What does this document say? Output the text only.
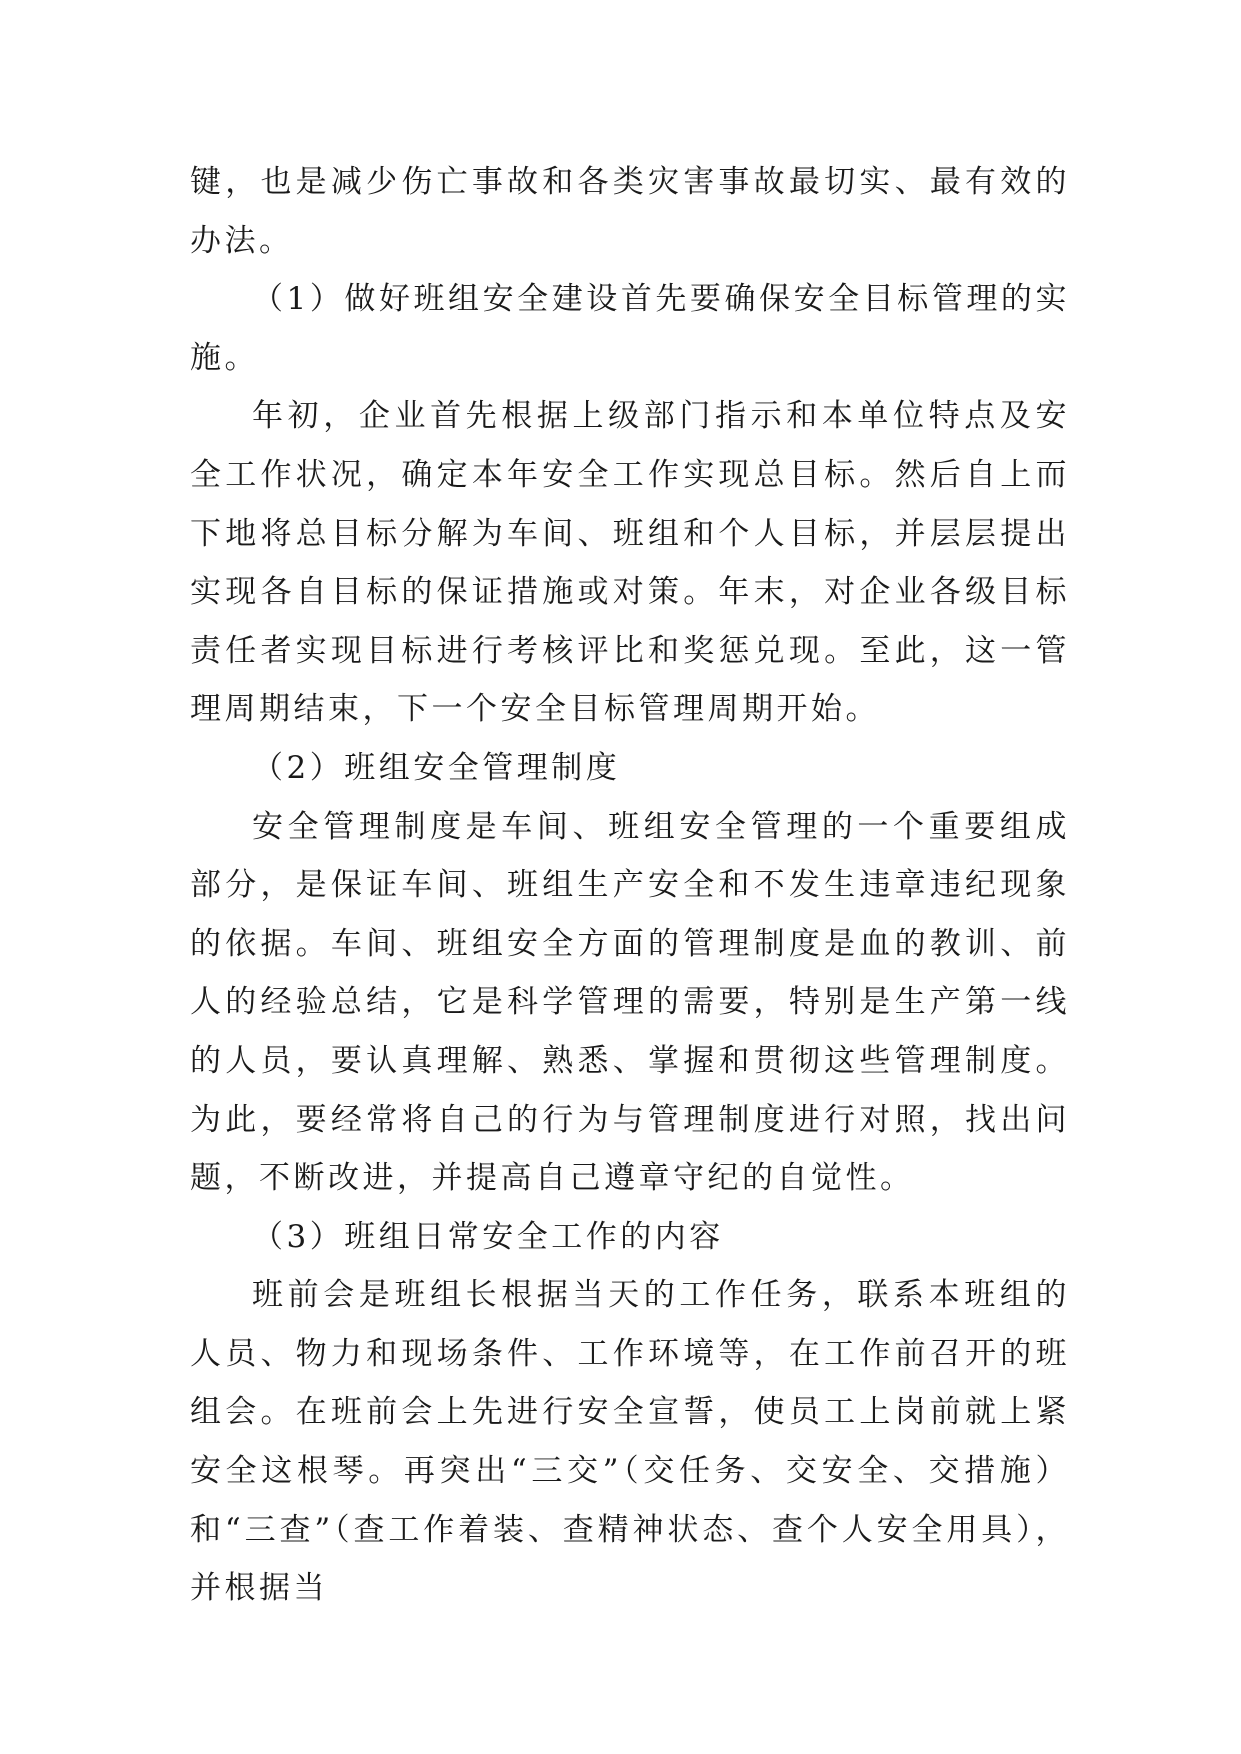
键，也是减少伤亡事故和各类灾害事故最切实、最有效的办法。

（1）做好班组安全建设首先要确保安全目标管理的实施。

年初，企业首先根据上级部门指示和本单位特点及安全工作状况，确定本年安全工作实现总目标。然后自上而下地将总目标分解为车间、班组和个人目标，并层层提出实现各自目标的保证措施或对策。年末，对企业各级目标责任者实现目标进行考核评比和奖惩兑现。至此，这一管理周期结束，下一个安全目标管理周期开始。

（2）班组安全管理制度

安全管理制度是车间、班组安全管理的一个重要组成部分，是保证车间、班组生产安全和不发生违章违纪现象的依据。车间、班组安全方面的管理制度是血的教训、前人的经验总结，它是科学管理的需要，特别是生产第一线的人员，要认真理解、熟悉、掌握和贯彻这些管理制度。为此，要经常将自己的行为与管理制度进行对照，找出问题，不断改进，并提高自己遵章守纪的自觉性。

（3）班组日常安全工作的内容

班前会是班组长根据当天的工作任务，联系本班组的人员、物力和现场条件、工作环境等，在工作前召开的班组会。在班前会上先进行安全宣誓，使员工上岗前就上紧安全这根琴。再突出“三交”（交任务、交安全、交措施）和“三查”（查工作着装、查精神状态、查个人安全用具），并根据当
